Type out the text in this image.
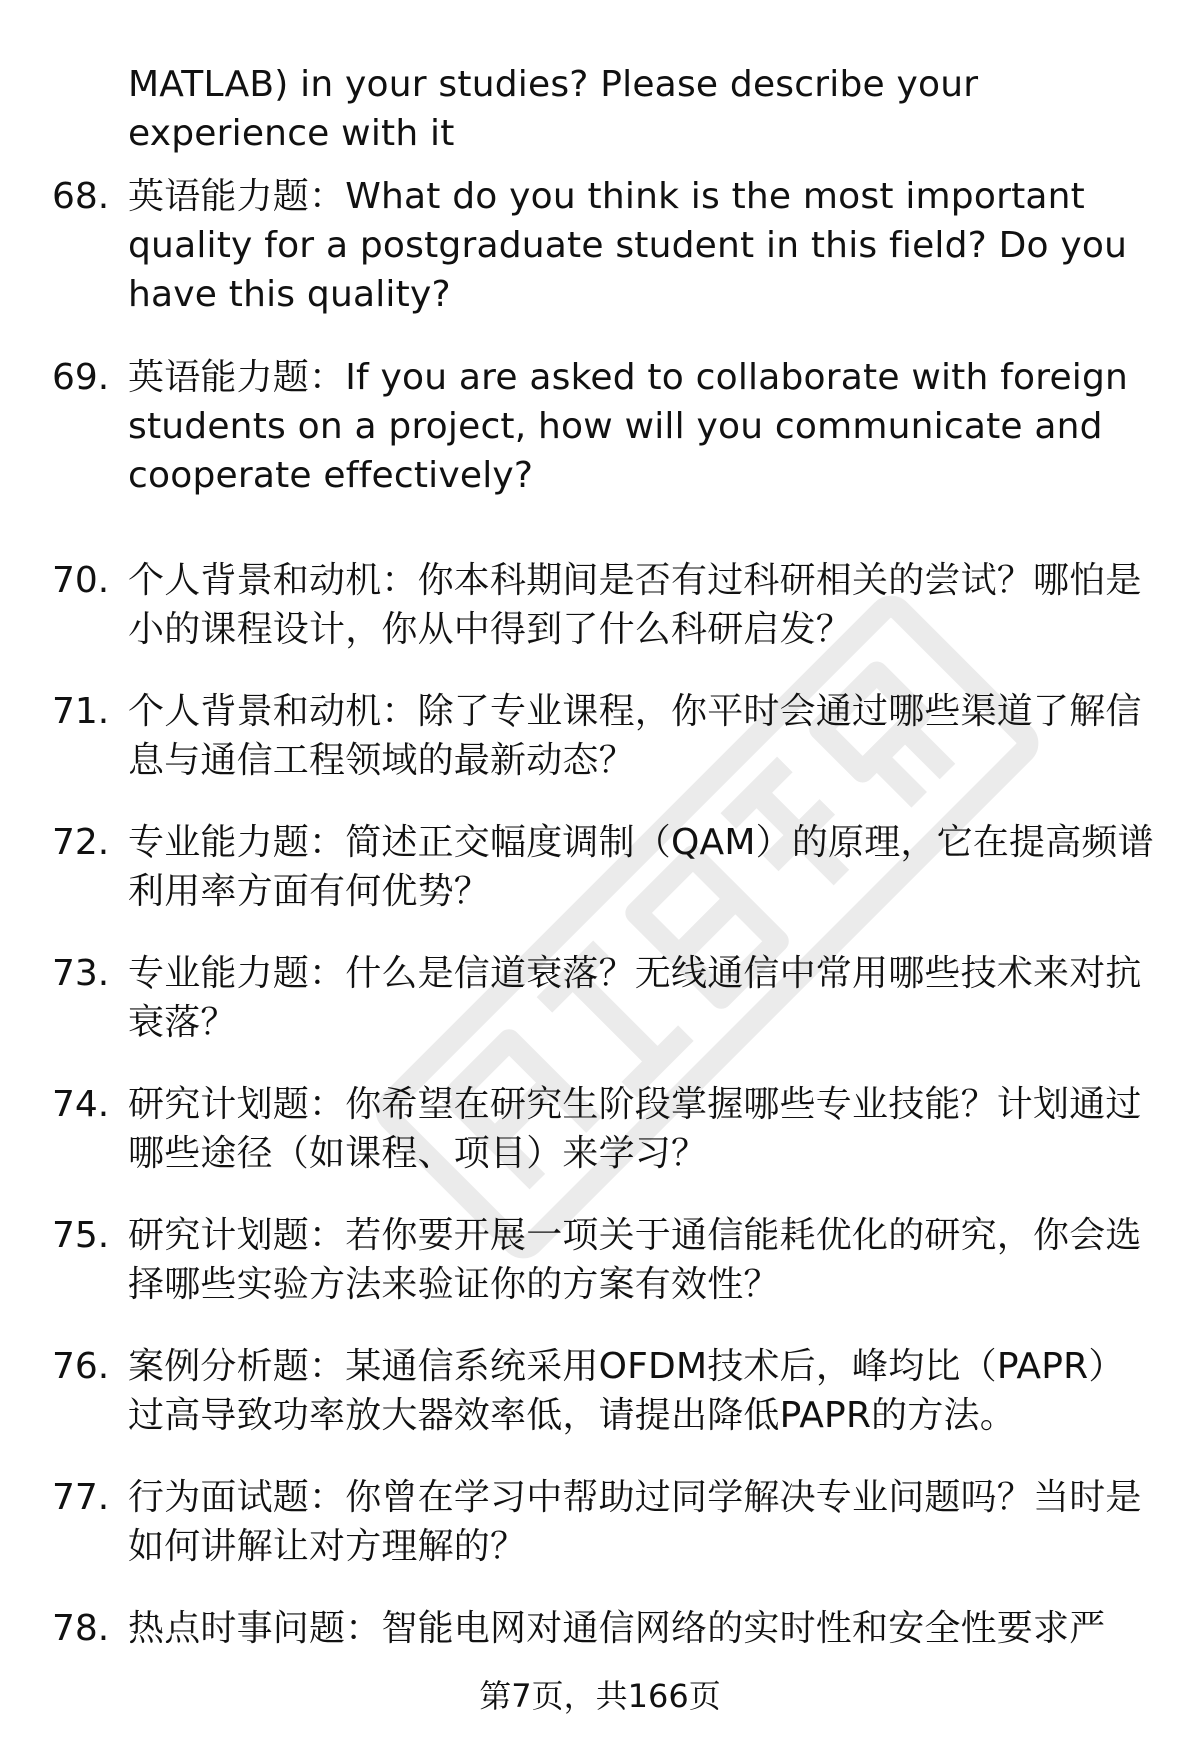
MATLAB) in your studies? Please describe your experience with it
68. 英语能力题：What do you think is the most important quality for a postgraduate student in this field? Do you have this quality?
69. 英语能力题：If you are asked to collaborate with foreign students on a project, how will you communicate and cooperate effectively?
70. 个人背景和动机：你本科期间是否有过科研相关的尝试？哪怕是小的课程设计，你从中得到了什么科研启发？
71. 个人背景和动机：除了专业课程，你平时会通过哪些渠道了解信息与通信工程领域的最新动态？
72. 专业能力题：简述正交幅度调制（QAM）的原理，它在提高频谱利用率方面有何优势？
73. 专业能力题：什么是信道衰落？无线通信中常用哪些技术来对抗衰落？
74. 研究计划题：你希望在研究生阶段掌握哪些专业技能？计划通过哪些途径（如课程、项目）来学习？
75. 研究计划题：若你要开展一项关于通信能耗优化的研究，你会选择哪些实验方法来验证你的方案有效性？
76. 案例分析题：某通信系统采用OFDM技术后，峰均比（PAPR）过高导致功率放大器效率低，请提出降低PAPR的方法。
77. 行为面试题：你曾在学习中帮助过同学解决专业问题吗？当时是如何讲解让对方理解的？
78. 热点时事问题：智能电网对通信网络的实时性和安全性要求严
第7页，共166页
